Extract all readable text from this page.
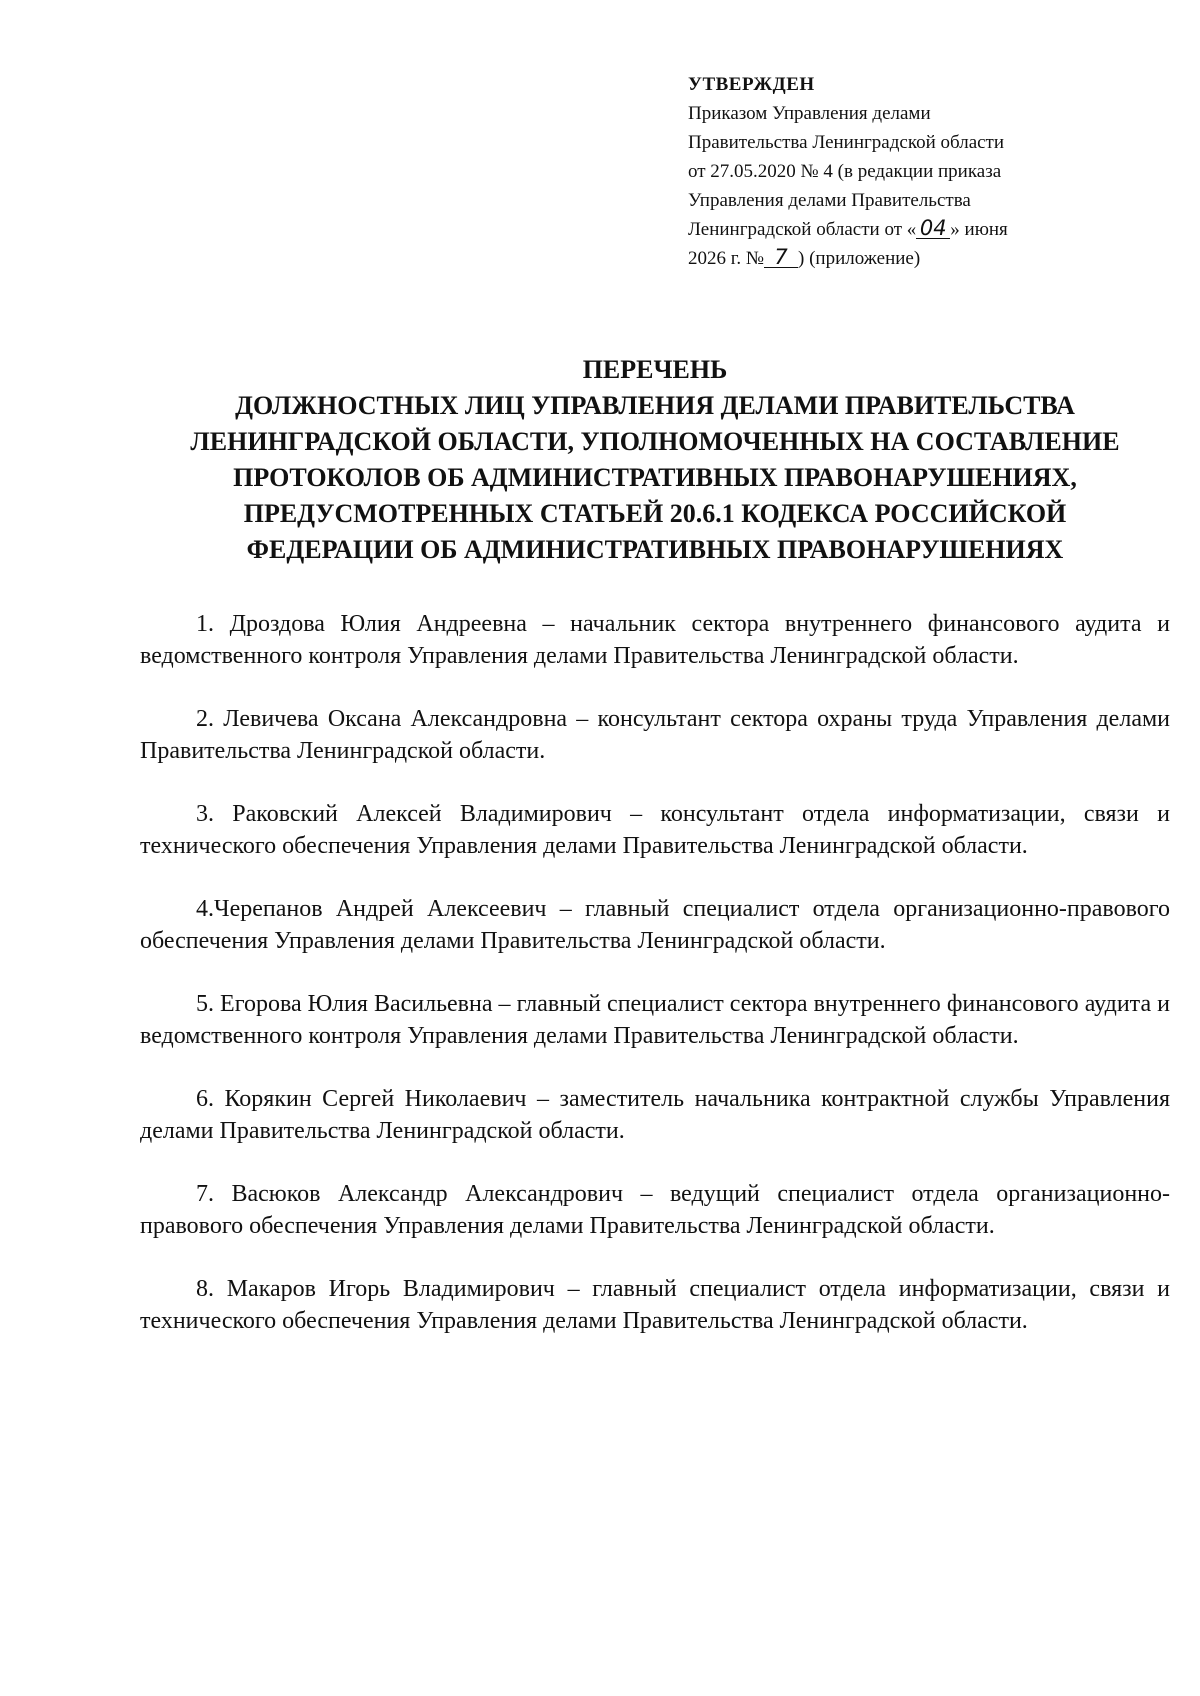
УТВЕРЖДЕН
Приказом Управления делами
Правительства Ленинградской области
от 27.05.2020 № 4 (в редакции приказа
Управления делами Правительства
Ленинградской области от « 04 » июня
2026 г. № 7 ) (приложение)
ПЕРЕЧЕНЬ
ДОЛЖНОСТНЫХ ЛИЦ УПРАВЛЕНИЯ ДЕЛАМИ ПРАВИТЕЛЬСТВА
ЛЕНИНГРАДСКОЙ ОБЛАСТИ, УПОЛНОМОЧЕННЫХ НА СОСТАВЛЕНИЕ
ПРОТОКОЛОВ ОБ АДМИНИСТРАТИВНЫХ ПРАВОНАРУШЕНИЯХ,
ПРЕДУСМОТРЕННЫХ СТАТЬЕЙ 20.6.1 КОДЕКСА РОССИЙСКОЙ
ФЕДЕРАЦИИ ОБ АДМИНИСТРАТИВНЫХ ПРАВОНАРУШЕНИЯХ

1. Дроздова Юлия Андреевна – начальник сектора внутреннего финансового аудита и ведомственного контроля Управления делами Правительства Ленинградской области.

2. Левичева Оксана Александровна – консультант сектора охраны труда Управления делами Правительства Ленинградской области.

3. Раковский Алексей Владимирович – консультант отдела информатизации, связи и технического обеспечения Управления делами Правительства Ленинградской области.

4.Черепанов Андрей Алексеевич – главный специалист отдела организационно-правового обеспечения Управления делами Правительства Ленинградской области.

5. Егорова Юлия Васильевна – главный специалист сектора внутреннего финансового аудита и ведомственного контроля Управления делами Правительства Ленинградской области.

6. Корякин Сергей Николаевич – заместитель начальника контрактной службы Управления делами Правительства Ленинградской области.

7. Васюков Александр Александрович – ведущий специалист отдела организационно-правового обеспечения Управления делами Правительства Ленинградской области.

8. Макаров Игорь Владимирович – главный специалист отдела информатизации, связи и технического обеспечения Управления делами Правительства Ленинградской области.
